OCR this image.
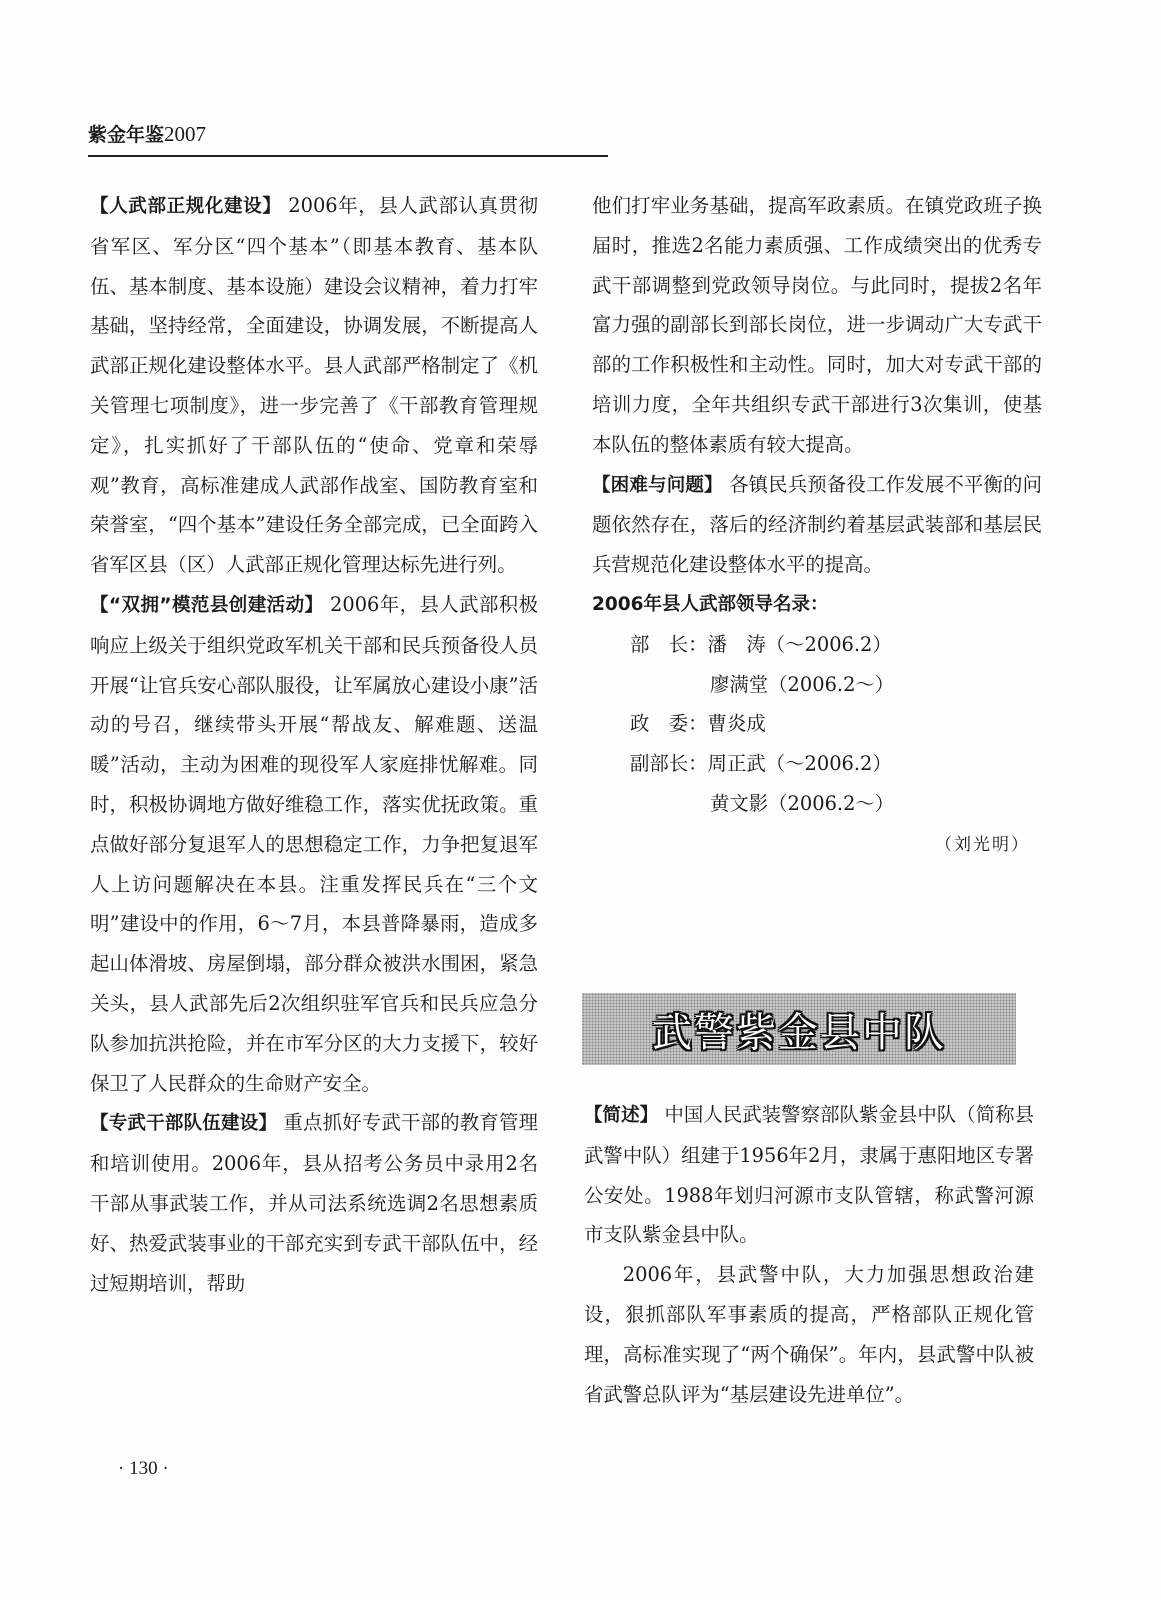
紫金年鉴2007

【人武部正规化建设】 2006年，县人武部认真贯彻省军区、军分区“四个基本”（即基本教育、基本队伍、基本制度、基本设施）建设会议精神，着力打牢基础，坚持经常，全面建设，协调发展，不断提高人武部正规化建设整体水平。县人武部严格制定了《机关管理七项制度》，进一步完善了《干部教育管理规定》，扎实抓好了干部队伍的“使命、党章和荣辱观”教育，高标准建成人武部作战室、国防教育室和荣誉室，“四个基本”建设任务全部完成，已全面跨入省军区县（区）人武部正规化管理达标先进行列。

【“双拥”模范县创建活动】 2006年，县人武部积极响应上级关于组织党政军机关干部和民兵预备役人员开展“让官兵安心部队服役，让军属放心建设小康”活动的号召，继续带头开展“帮战友、解难题、送温暖”活动，主动为困难的现役军人家庭排忧解难。同时，积极协调地方做好维稳工作，落实优抚政策。重点做好部分复退军人的思想稳定工作，力争把复退军人上访问题解决在本县。注重发挥民兵在“三个文明”建设中的作用，6～7月，本县普降暴雨，造成多起山体滑坡、房屋倒塌，部分群众被洪水围困，紧急关头，县人武部先后2次组织驻军官兵和民兵应急分队参加抗洪抢险，并在市军分区的大力支援下，较好保卫了人民群众的生命财产安全。

【专武干部队伍建设】 重点抓好专武干部的教育管理和培训使用。2006年，县从招考公务员中录用2名干部从事武装工作，并从司法系统选调2名思想素质好、热爱武装事业的干部充实到专武干部队伍中，经过短期培训，帮助

他们打牢业务基础，提高军政素质。在镇党政班子换届时，推选2名能力素质强、工作成绩突出的优秀专武干部调整到党政领导岗位。与此同时，提拔2名年富力强的副部长到部长岗位，进一步调动广大专武干部的工作积极性和主动性。同时，加大对专武干部的培训力度，全年共组织专武干部进行3次集训，使基本队伍的整体素质有较大提高。

【困难与问题】 各镇民兵预备役工作发展不平衡的问题依然存在，落后的经济制约着基层武装部和基层民兵营规范化建设整体水平的提高。

2006年县人武部领导名录：

部　长：潘　涛（～2006.2）

廖满堂（2006.2～）

政　委：曹炎成

副部长：周正武（～2006.2）

黄文影（2006.2～）

（刘光明）

武警紫金县中队

【简述】 中国人民武装警察部队紫金县中队（简称县武警中队）组建于1956年2月，隶属于惠阳地区专署公安处。1988年划归河源市支队管辖，称武警河源市支队紫金县中队。

2006年，县武警中队，大力加强思想政治建设，狠抓部队军事素质的提高，严格部队正规化管理，高标准实现了“两个确保”。年内，县武警中队被省武警总队评为“基层建设先进单位”。

· 130 ·
